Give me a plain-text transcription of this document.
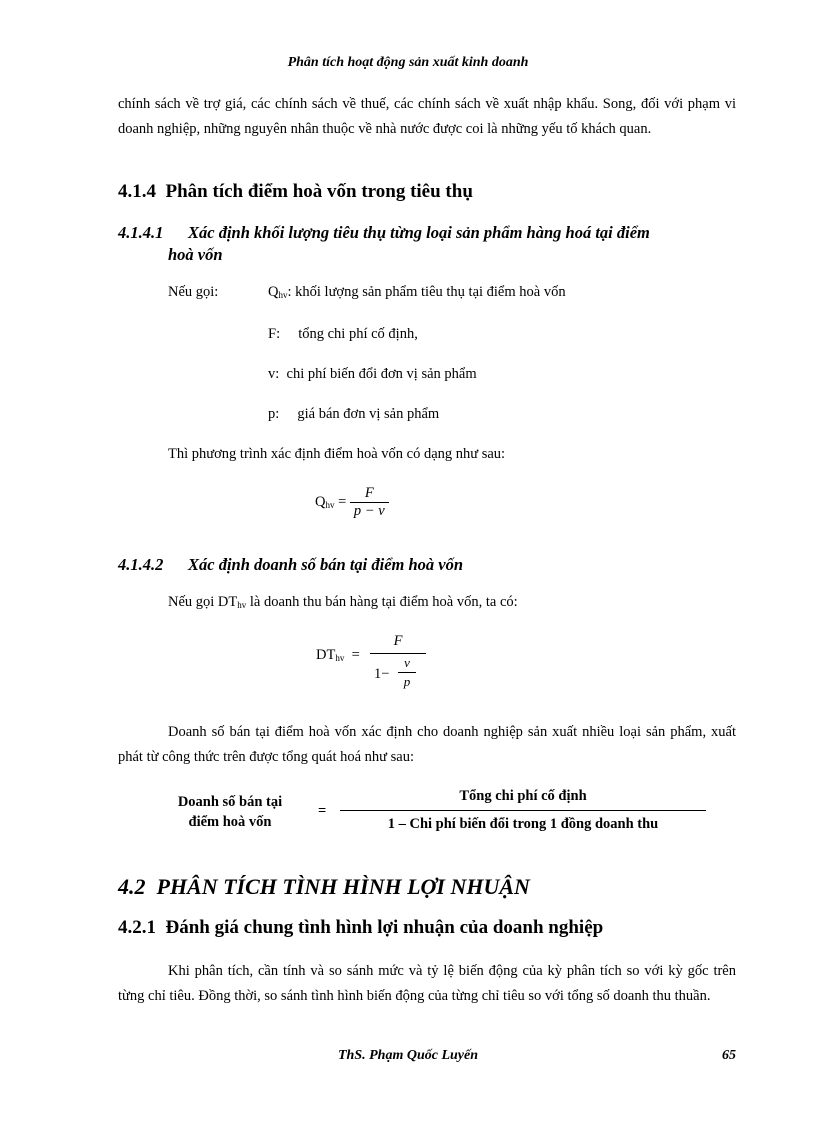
Phân tích hoạt động sản xuất kinh doanh
chính sách về trợ giá, các chính sách về thuế, các chính sách về xuất nhập khẩu. Song, đối với phạm vi doanh nghiệp, những nguyên nhân thuộc về nhà nước được coi là những yếu tố khách quan.
4.1.4 Phân tích điểm hoà vốn trong tiêu thụ
4.1.4.1 Xác định khối lượng tiêu thụ từng loại sản phẩm hàng hoá tại điểm
hoà vốn
Nếu gọi:	$Q_{hv}$: khối lượng sản phẩm tiêu thụ tại điểm hoà vốn
F: tổng chi phí cố định,
v: chi phí biến đổi đơn vị sản phẩm
p: giá bán đơn vị sản phẩm
Thì phương trình xác định điểm hoà vốn có dạng như sau:
$Q_{hv} = \frac{F}{p - v}$
4.1.4.2 Xác định doanh số bán tại điểm hoà vốn
Nếu gọi $DT_{hv}$ là doanh thu bán hàng tại điểm hoà vốn, ta có:
$DT_{hv} = \frac{F}{1- \frac{v}{p}}$
Doanh số bán tại điểm hoà vốn xác định cho doanh nghiệp sản xuất nhiều loại sản phẩm, xuất phát từ công thức trên được tổng quát hoá như sau:
Doanh số bán tại
điểm hoà vốn
=
Tổng chi phí cố định
1 – Chi phí biến đổi trong 1 đồng doanh thu
4.2 PHÂN TÍCH TÌNH HÌNH LỢI NHUẬN
4.2.1 Đánh giá chung tình hình lợi nhuận của doanh nghiệp
Khi phân tích, cần tính và so sánh mức và tỷ lệ biến động của kỳ phân tích so với kỳ gốc trên từng chỉ tiêu. Đồng thời, so sánh tình hình biến động của từng chỉ tiêu so với tổng số doanh thu thuần.
ThS. Phạm Quốc Luyến	65
